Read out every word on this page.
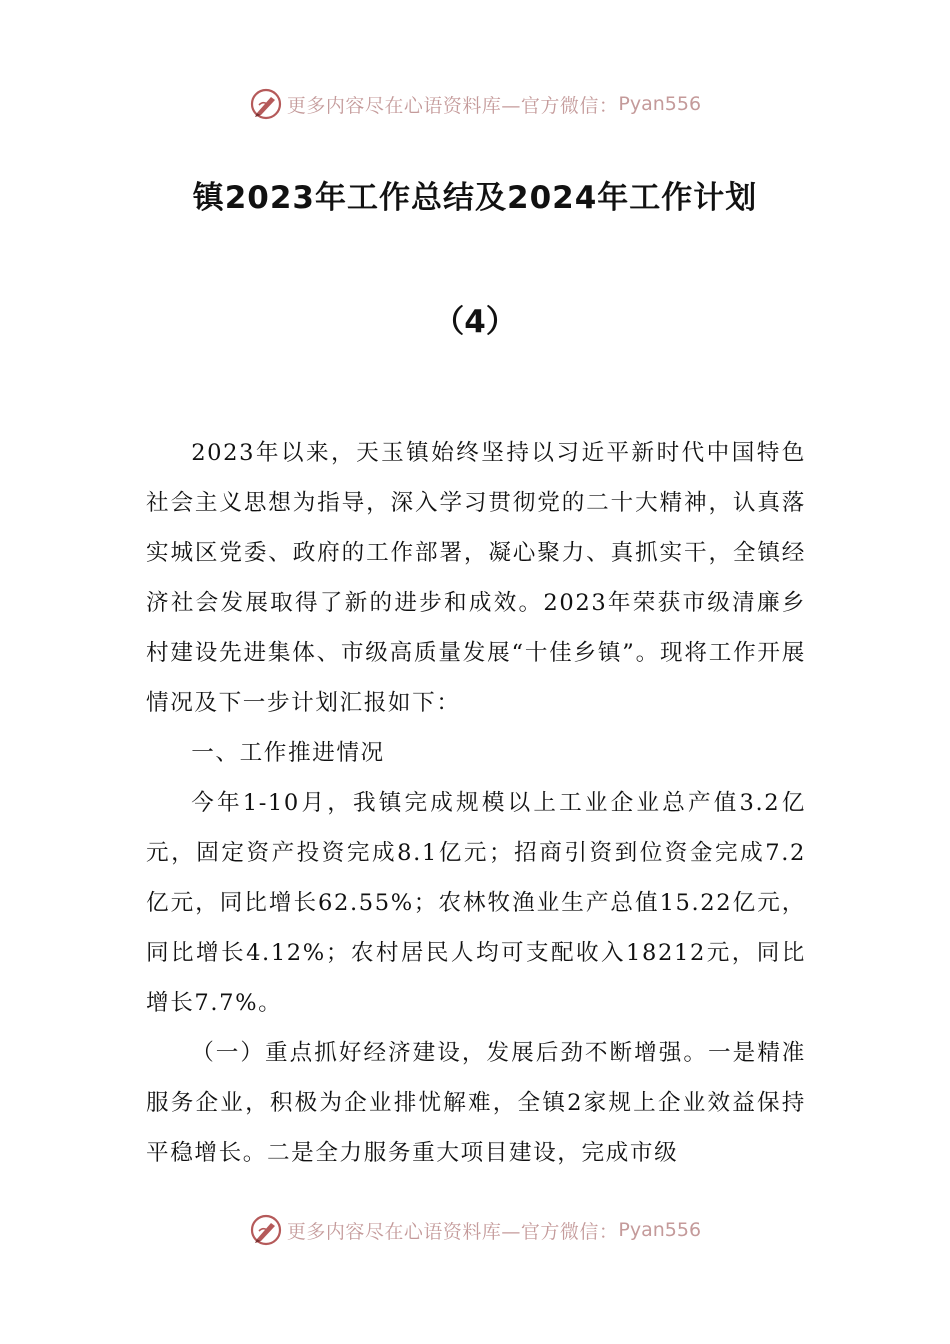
更多内容尽在心语资料库—官方微信： Pyan556
镇2023年工作总结及2024年工作计划
（4）

2023年以来，天玉镇始终坚持以习近平新时代中国特色社会主义思想为指导，深入学习贯彻党的二十大精神，认真落实城区党委、政府的工作部署，凝心聚力、真抓实干，全镇经济社会发展取得了新的进步和成效。2023年荣获市级清廉乡村建设先进集体、市级高质量发展“十佳乡镇”。现将工作开展情况及下一步计划汇报如下：

一、工作推进情况

今年1-10月，我镇完成规模以上工业企业总产值3.2亿元，固定资产投资完成8.1亿元；招商引资到位资金完成7.2亿元，同比增长62.55%；农林牧渔业生产总值15.22亿元，同比增长4.12%；农村居民人均可支配收入18212元，同比增长7.7%。

（一）重点抓好经济建设，发展后劲不断增强。一是精准服务企业，积极为企业排忧解难，全镇2家规上企业效益保持平稳增长。二是全力服务重大项目建设，完成市级

更多内容尽在心语资料库—官方微信： Pyan556
